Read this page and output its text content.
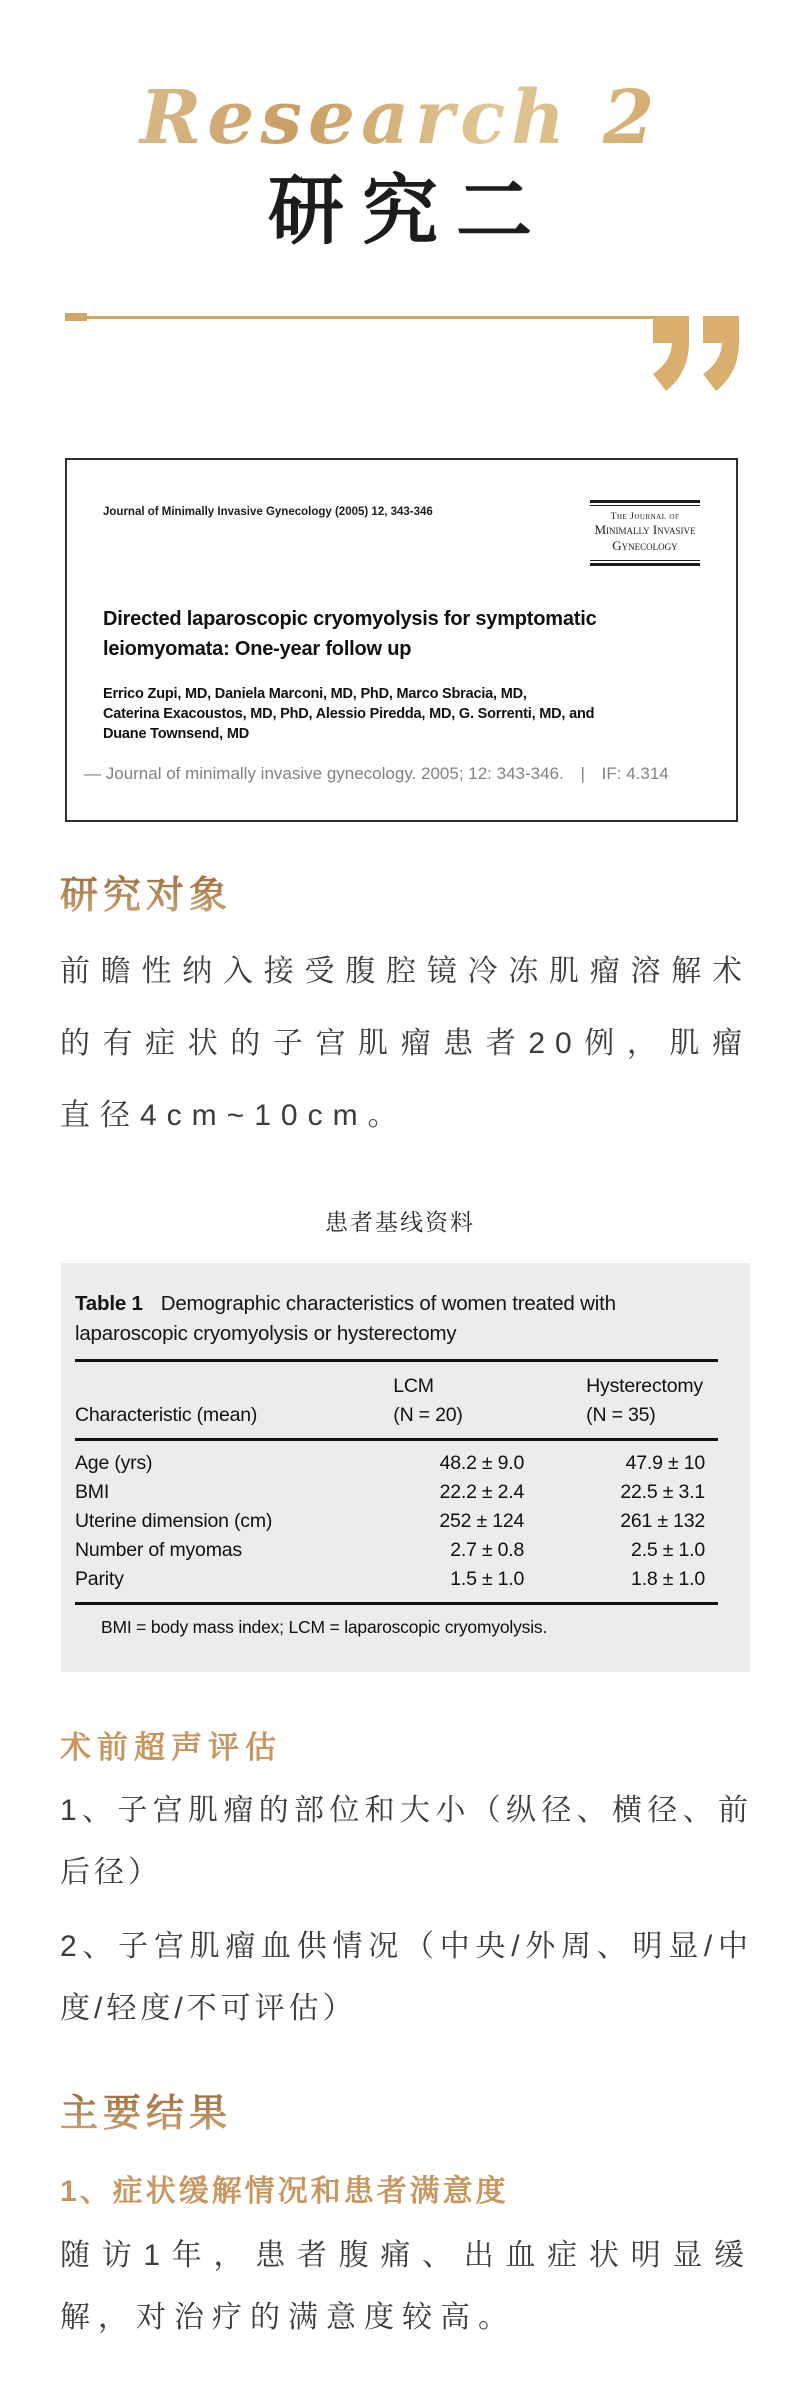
Research 2
研究二
Journal of Minimally Invasive Gynecology (2005) 12, 343-346	The Journal of
Minimally Invasive
Gynecology
Directed laparoscopic cryomyolysis for symptomatic leiomyomata: One-year follow up
Errico Zupi, MD, Daniela Marconi, MD, PhD, Marco Sbracia, MD,
Caterina Exacoustos, MD, PhD, Alessio Piredda, MD, G. Sorrenti, MD, and
Duane Townsend, MD
— Journal of minimally invasive gynecology. 2005; 12: 343-346. | IF: 4.314
研究对象

前瞻性纳入接受腹腔镜冷冻肌瘤溶解术的有症状的子宫肌瘤患者20例，肌瘤直径4cm~10cm。

患者基线资料
Table 1 Demographic characteristics of women treated with laparoscopic cryomyolysis or hysterectomy
	LCM	Hysterectomy
Characteristic (mean)	(N = 20)	(N = 35)
Age (yrs)	48.2 ± 9.0	47.9 ± 10
BMI	22.2 ± 2.4	22.5 ± 3.1
Uterine dimension (cm)	252 ± 124	261 ± 132
Number of myomas	2.7 ± 0.8	2.5 ± 1.0
Parity	1.5 ± 1.0	1.8 ± 1.0
BMI = body mass index; LCM = laparoscopic cryomyolysis.
术前超声评估

1、子宫肌瘤的部位和大小（纵径、横径、前后径）

2、子宫肌瘤血供情况（中央/外周、明显/中度/轻度/不可评估）

主要结果
1、症状缓解情况和患者满意度

随访1年，患者腹痛、出血症状明显缓解，对治疗的满意度较高。
